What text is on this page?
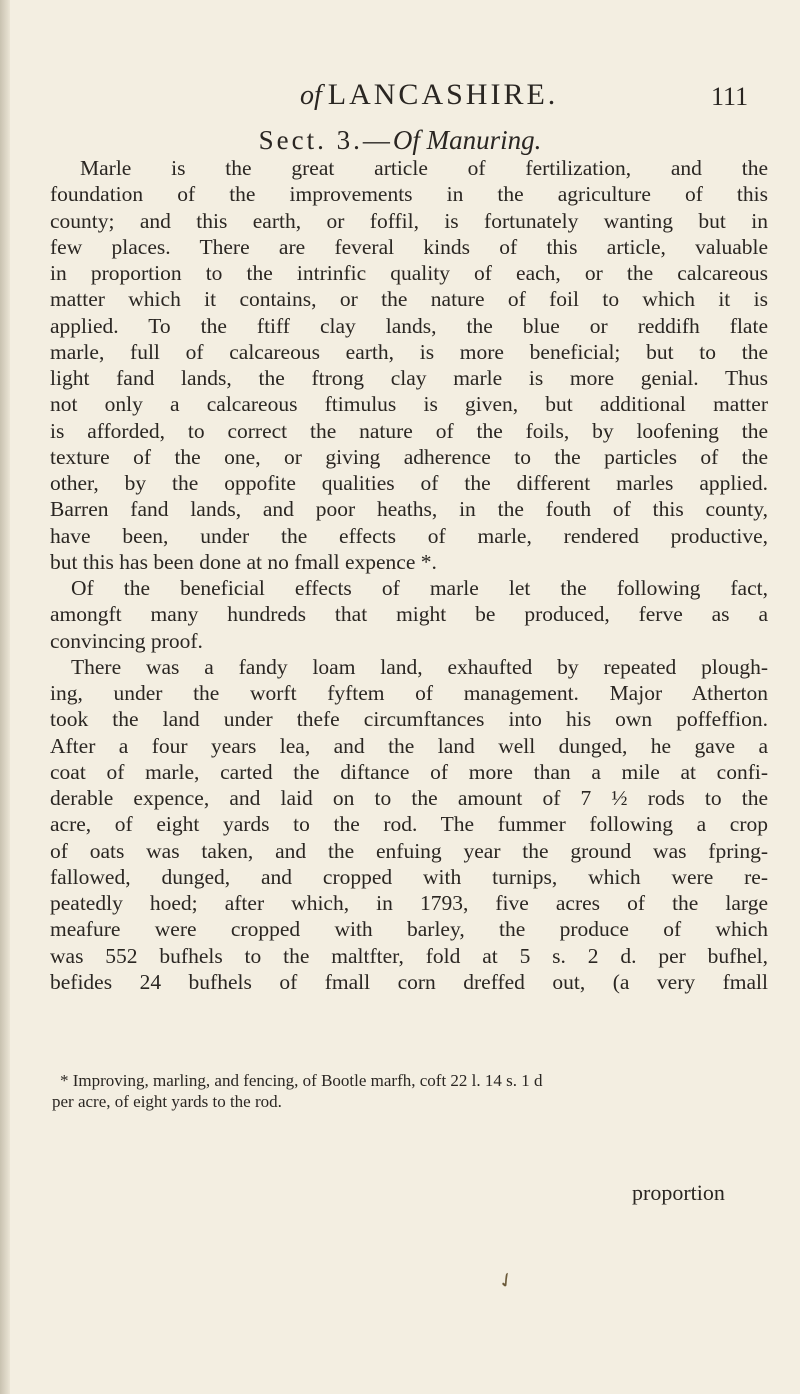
of LANCASHIRE.	111
Sect. 3.—Of Manuring.
Marle is the great article of fertilization, and the
foundation of the improvements in the agriculture of this
county; and this earth, or foffil, is fortunately wanting but in
few places. There are feveral kinds of this article, valuable
in proportion to the intrinfic quality of each, or the calcareous
matter which it contains, or the nature of foil to which it is
applied. To the ftiff clay lands, the blue or reddifh flate
marle, full of calcareous earth, is more beneficial; but to the
light fand lands, the ftrong clay marle is more genial. Thus
not only a calcareous ftimulus is given, but additional matter
is afforded, to correct the nature of the foils, by loofening the
texture of the one, or giving adherence to the particles of the
other, by the oppofite qualities of the different marles applied.
Barren fand lands, and poor heaths, in the fouth of this county,
have been, under the effects of marle, rendered productive,
but this has been done at no fmall expence *.
Of the beneficial effects of marle let the following fact,
amongft many hundreds that might be produced, ferve as a
convincing proof.
There was a fandy loam land, exhaufted by repeated plough-
ing, under the worft fyftem of management. Major Atherton
took the land under thefe circumftances into his own poffeffion.
After a four years lea, and the land well dunged, he gave a
coat of marle, carted the diftance of more than a mile at confi-
derable expence, and laid on to the amount of 7 ½ rods to the
acre, of eight yards to the rod. The fummer following a crop
of oats was taken, and the enfuing year the ground was fpring-
fallowed, dunged, and cropped with turnips, which were re-
peatedly hoed; after which, in 1793, five acres of the large
meafure were cropped with barley, the produce of which
was 552 bufhels to the maltfter, fold at 5 s. 2 d. per bufhel,
befides 24 bufhels of fmall corn dreffed out, (a very fmall
* Improving, marling, and fencing, of Bootle marfh, coft 22 l. 14 s. 1 d
per acre, of eight yards to the rod.
proportion
✓
